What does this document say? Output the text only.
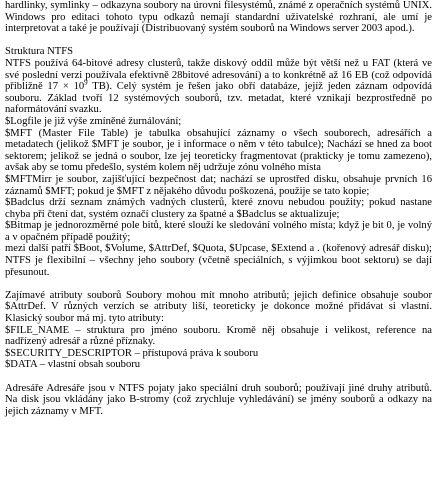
hardlinky, symlinky – odkazyna soubory na úrovni filesystémů, známé z operačních systémů UNIX. Windows pro editaci tohoto typu odkazů nemají standardní uživatelské rozhraní, ale umí je interpretovat a také je používají (Distribuovaný systém souborů na Windows server 2003 apod.).

Struktura NTFS
NTFS používá 64-bitové adresy clusterů, takže diskový oddíl může být větší než u FAT (která ve své poslední verzi používala efektivně 28bitové adresování) a to konkrétně až 16 EB (což odpovídá přibližně $17 \times 10^9$ TB). Celý systém je řešen jako obří databáze, jejíž jeden záznam odpovídá souboru. Základ tvoří 12 systémových souborů, tzv. metadat, které vznikají bezprostředně po naformátování svazku.
$Logfile je již výše zmíněné žurnálování;
$MFT (Master File Table) je tabulka obsahující záznamy o všech souborech, adresářích a metadatech (jelikož $MFT je soubor, je i informace o něm v této tabulce); Nachází se hned za boot sektorem; jelikož se jedná o soubor, lze jej teoreticky fragmentovat (prakticky je tomu zamezeno), avšak aby se tomu předešlo, systém kolem něj udržuje zónu volného místa
$MFTMirr je soubor, zajišťující bezpečnost dat; nachází se uprostřed disku, obsahuje prvních 16 záznamů $MFT; pokud je $MFT z nějakého důvodu poškozená, použije se tato kopie;
$Badclus drží seznam známých vadných clusterů, které znovu nebudou použity; pokud nastane chyba při čtení dat, systém označí clustery za špatné a $Badclus se aktualizuje;
$Bitmap je jednorozměrné pole bitů, které slouží ke sledování volného místa; když je bit 0, je volný a v opačném případě použitý;
mezi další patří $Boot, $Volume, $AttrDef, $Quota, $Upcase, $Extend a . (kořenový adresář disku); NTFS je flexibilní – všechny jeho soubory (včetně speciálních, s výjimkou boot sektoru) se dají přesunout.

Zajímavé atributy souborů Soubory mohou mít mnoho atributů; jejich definice obsahuje soubor $AttrDef. V různých verzích se atributy liší, teoreticky je dokonce možné přidávat si vlastní. Klasický soubor má mj. tyto atributy:
$FILE_NAME – struktura pro jméno souboru. Kromě něj obsahuje i velikost, reference na nadřízený adresář a různé příznaky.
$SECURITY_DESCRIPTOR – přístupová práva k souboru
$DATA – vlastní obsah souboru

Adresáře Adresáře jsou v NTFS pojaty jako speciální druh souborů; používají jiné druhy atributů. Na disk jsou vkládány jako B-stromy (což zrychluje vyhledávání) se jmény souborů a odkazy na jejich záznamy v MFT.
